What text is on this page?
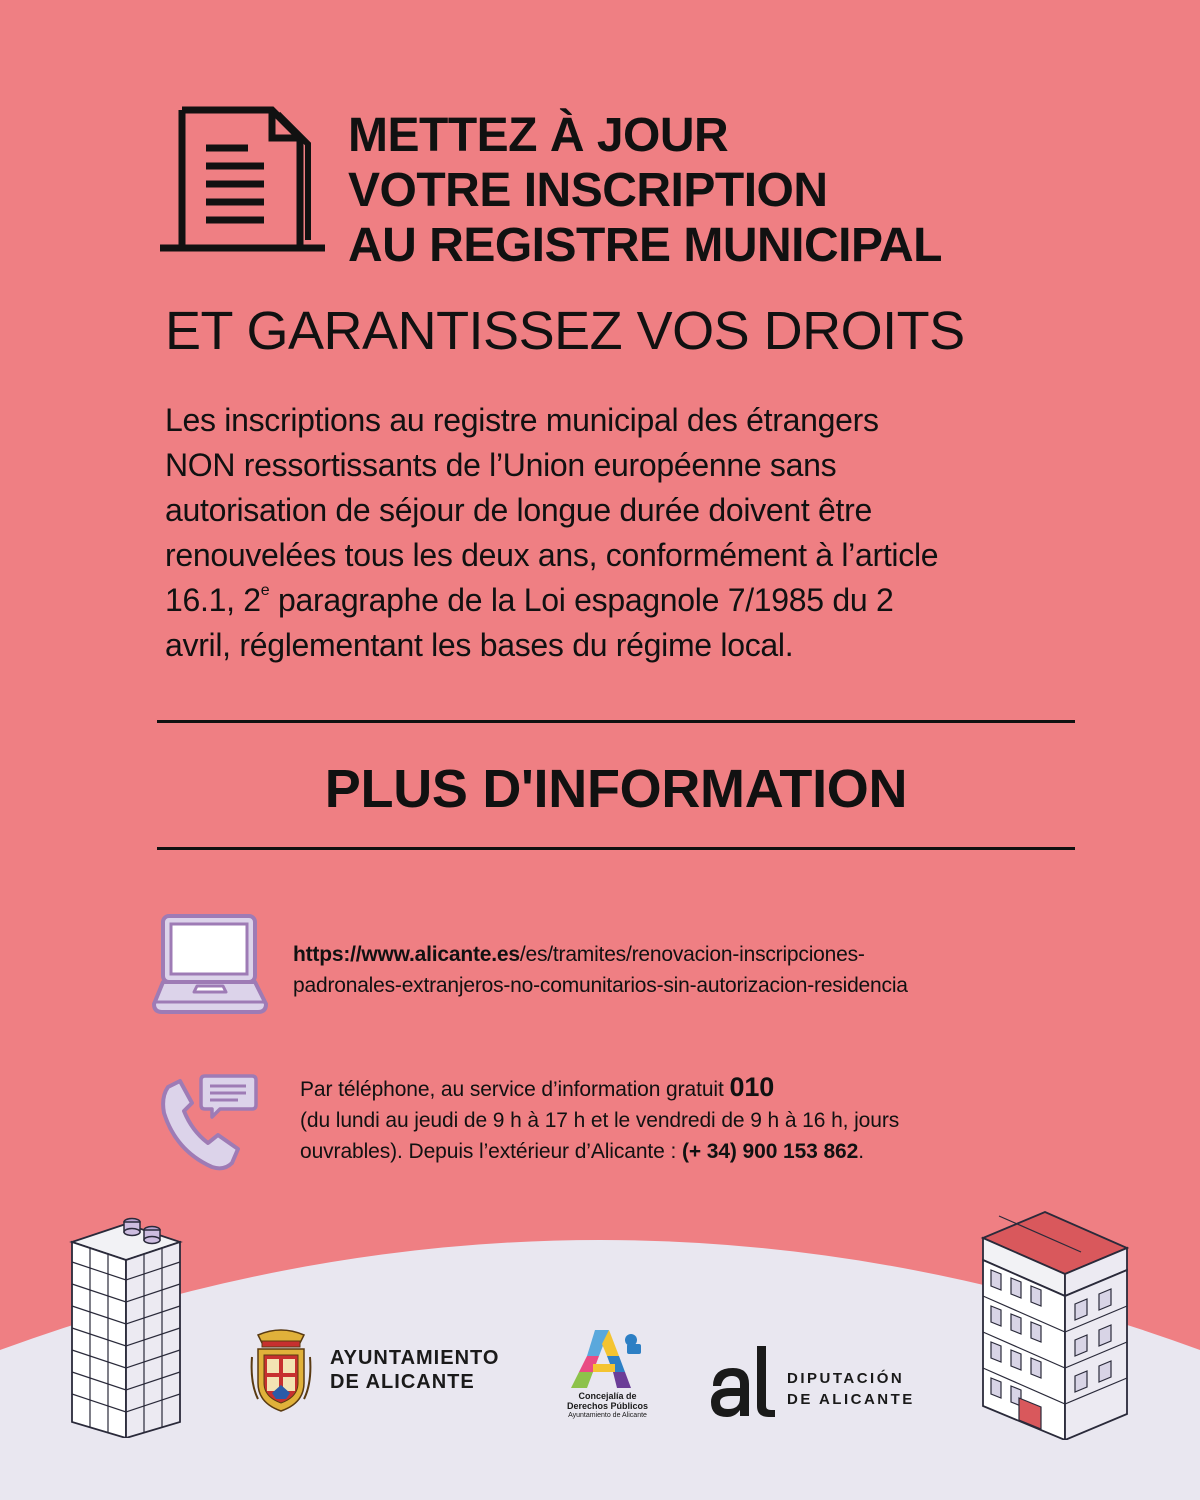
METTEZ À JOUR
VOTRE INSCRIPTION
AU REGISTRE MUNICIPAL
ET GARANTISSEZ VOS DROITS
Les inscriptions au registre municipal des étrangers
NON ressortissants de l’Union européenne sans
autorisation de séjour de longue durée doivent être
renouvelées tous les deux ans, conformément à l’article
16.1, 2e paragraphe de la Loi espagnole 7/1985 du 2
avril, réglementant les bases du régime local.
PLUS D'INFORMATION
https://www.alicante.es/es/tramites/renovacion-inscripciones-
padronales-extranjeros-no-comunitarios-sin-autorizacion-residencia
Par téléphone, au service d’information gratuit 010
(du lundi au jeudi de 9 h à 17 h et le vendredi de 9 h à 16 h, jours
ouvrables). Depuis l’extérieur d’Alicante : (+ 34) 900 153 862.
AYUNTAMIENTO
DE ALICANTE
Concejalía de
Derechos Públicos
Ayuntamiento de Alicante
DIPUTACIÓN
DE ALICANTE
